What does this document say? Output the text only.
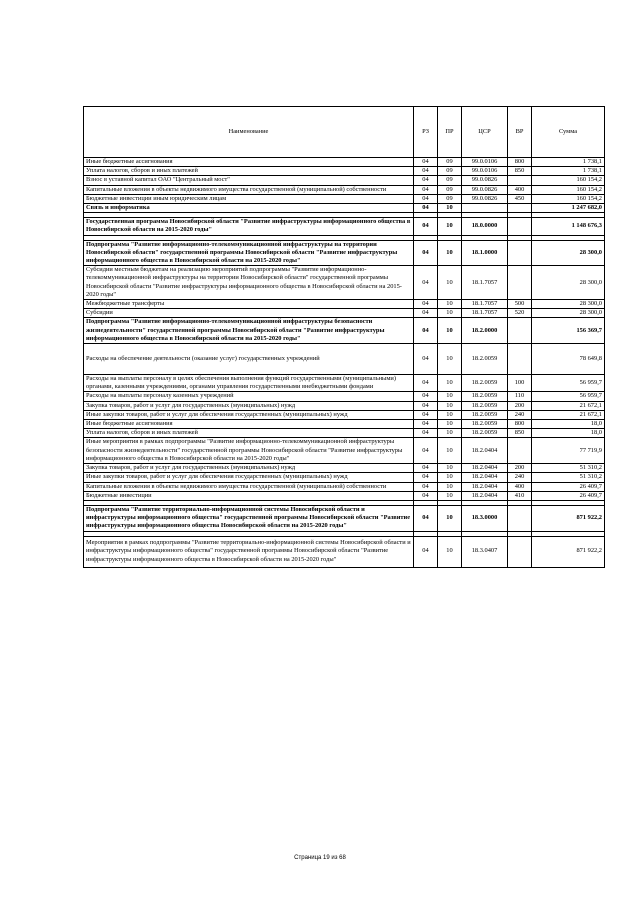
Наименование	РЗ	ПР	ЦСР	ВР	Сумма
Иные бюджетные ассигнования	04	09	99.0.0106	800	1 738,1
Уплата налогов, сборов и иных платежей	04	09	99.0.0106	850	1 738,1
Взнос в уставной капитал ОАО "Центральный мост"	04	09	99.0.0826		160 154,2
Капитальные вложения в объекты недвижимого имущества государственной (муниципальной) собственности	04	09	99.0.0826	400	160 154,2
Бюджетные инвестиции иным юридическим лицам	04	09	99.0.0826	450	160 154,2
Связь и информатика	04	10			1 247 682,0

Государственная программа Новосибирской области "Развитие инфраструктуры информационного общества в Новосибирской области на 2015-2020 годы"	04	10	18.0.0000		1 148 676,3

Подпрограмма "Развитие информационно-телекоммуникационной инфраструктуры на территории Новосибирской области" государственной программы Новосибирской области "Развитие инфраструктуры информационного общества в Новосибирской области на 2015-2020 годы"	04	10	18.1.0000		28 300,0
Субсидии местным бюджетам на реализацию мероприятий подпрограммы "Развитие информационно-телекоммуникационной инфраструктуры на территории Новосибирской области" государственной программы Новосибирской области "Развитие инфраструктуры информационного общества в Новосибирской области на 2015-2020 годы"	04	10	18.1.7057		28 300,0
Межбюджетные трансферты	04	10	18.1.7057	500	28 300,0
Субсидии	04	10	18.1.7057	520	28 300,0
Подпрограмма "Развитие информационно-телекоммуникационной инфраструктуры безопасности жизнедеятельности" государственной программы Новосибирской области "Развитие инфраструктуры информационного общества в Новосибирской области на 2015-2020 годы"	04	10	18.2.0000		156 369,7
Расходы на обеспечение деятельности (оказание услуг) государственных учреждений	04	10	18.2.0059		78 649,8
Расходы на выплаты персоналу в целях обеспечения выполнения функций государственными (муниципальными) органами, казенными учреждениями, органами управления государственными внебюджетными фондами	04	10	18.2.0059	100	56 959,7
Расходы на выплаты персоналу казенных учреждений	04	10	18.2.0059	110	56 959,7
Закупка товаров, работ и услуг для государственных (муниципальных) нужд	04	10	18.2.0059	200	21 672,1
Иные закупки товаров, работ и услуг для обеспечения государственных (муниципальных) нужд	04	10	18.2.0059	240	21 672,1
Иные бюджетные ассигнования	04	10	18.2.0059	800	18,0
Уплата налогов, сборов и иных платежей	04	10	18.2.0059	850	18,0
Иные мероприятия в рамках подпрограммы "Развитие информационно-телекоммуникационной инфраструктуры безопасности жизнедеятельности" государственной программы Новосибирской области "Развитие инфраструктуры информационного общества в Новосибирской области на 2015-2020 годы"	04	10	18.2.0404		77 719,9
Закупка товаров, работ и услуг для государственных (муниципальных) нужд	04	10	18.2.0404	200	51 310,2
Иные закупки товаров, работ и услуг для обеспечения государственных (муниципальных) нужд	04	10	18.2.0404	240	51 310,2
Капитальные вложения в объекты недвижимого имущества государственной (муниципальной) собственности	04	10	18.2.0404	400	26 409,7
Бюджетные инвестиции	04	10	18.2.0404	410	26 409,7

Подпрограмма "Развитие территориально-информационной системы Новосибирской области и инфраструктуры информационного общества" государственной программы Новосибирской области "Развитие инфраструктуры информационного общества Новосибирской области на 2015-2020 годы"	04	10	18.3.0000		871 922,2

Мероприятия в рамках подпрограммы "Развитие территориально-информационной системы Новосибирской области и инфраструктуры информационного общества" государственной программы Новосибирской области "Развитие инфраструктуры информационного общества в Новосибирской области на 2015-2020 годы"	04	10	18.3.0407		871 922,2
Страница 19 из 68
